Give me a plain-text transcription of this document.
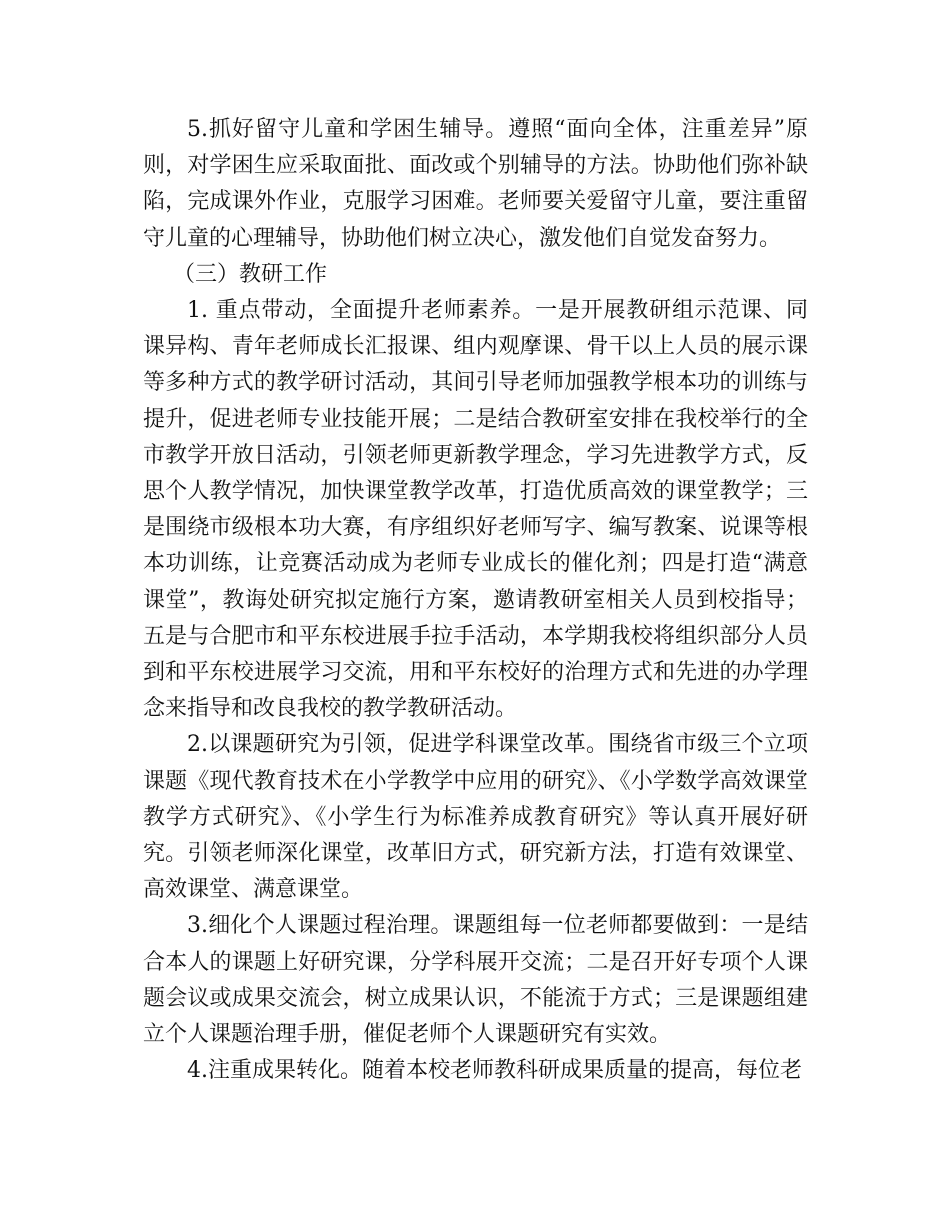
5.抓好留守儿童和学困生辅导。遵照“面向全体，注重差异”原则，对学困生应采取面批、面改或个别辅导的方法。协助他们弥补缺陷，完成课外作业，克服学习困难。老师要关爱留守儿童，要注重留守儿童的心理辅导，协助他们树立决心，激发他们自觉发奋努力。

（三）教研工作

1. 重点带动，全面提升老师素养。一是开展教研组示范课、同课异构、青年老师成长汇报课、组内观摩课、骨干以上人员的展示课等多种方式的教学研讨活动，其间引导老师加强教学根本功的训练与提升，促进老师专业技能开展；二是结合教研室安排在我校举行的全市教学开放日活动，引领老师更新教学理念，学习先进教学方式，反思个人教学情况，加快课堂教学改革，打造优质高效的课堂教学；三是围绕市级根本功大赛，有序组织好老师写字、编写教案、说课等根本功训练，让竞赛活动成为老师专业成长的催化剂；四是打造“满意课堂”，教诲处研究拟定施行方案，邀请教研室相关人员到校指导；五是与合肥市和平东校进展手拉手活动，本学期我校将组织部分人员到和平东校进展学习交流，用和平东校好的治理方式和先进的办学理念来指导和改良我校的教学教研活动。

2.以课题研究为引领，促进学科课堂改革。围绕省市级三个立项课题《现代教育技术在小学教学中应用的研究》、《小学数学高效课堂教学方式研究》、《小学生行为标准养成教育研究》等认真开展好研究。引领老师深化课堂，改革旧方式，研究新方法，打造有效课堂、高效课堂、满意课堂。

3.细化个人课题过程治理。课题组每一位老师都要做到：一是结合本人的课题上好研究课，分学科展开交流；二是召开好专项个人课题会议或成果交流会，树立成果认识，不能流于方式；三是课题组建立个人课题治理手册，催促老师个人课题研究有实效。

4.注重成果转化。随着本校老师教科研成果质量的提高，每位老
